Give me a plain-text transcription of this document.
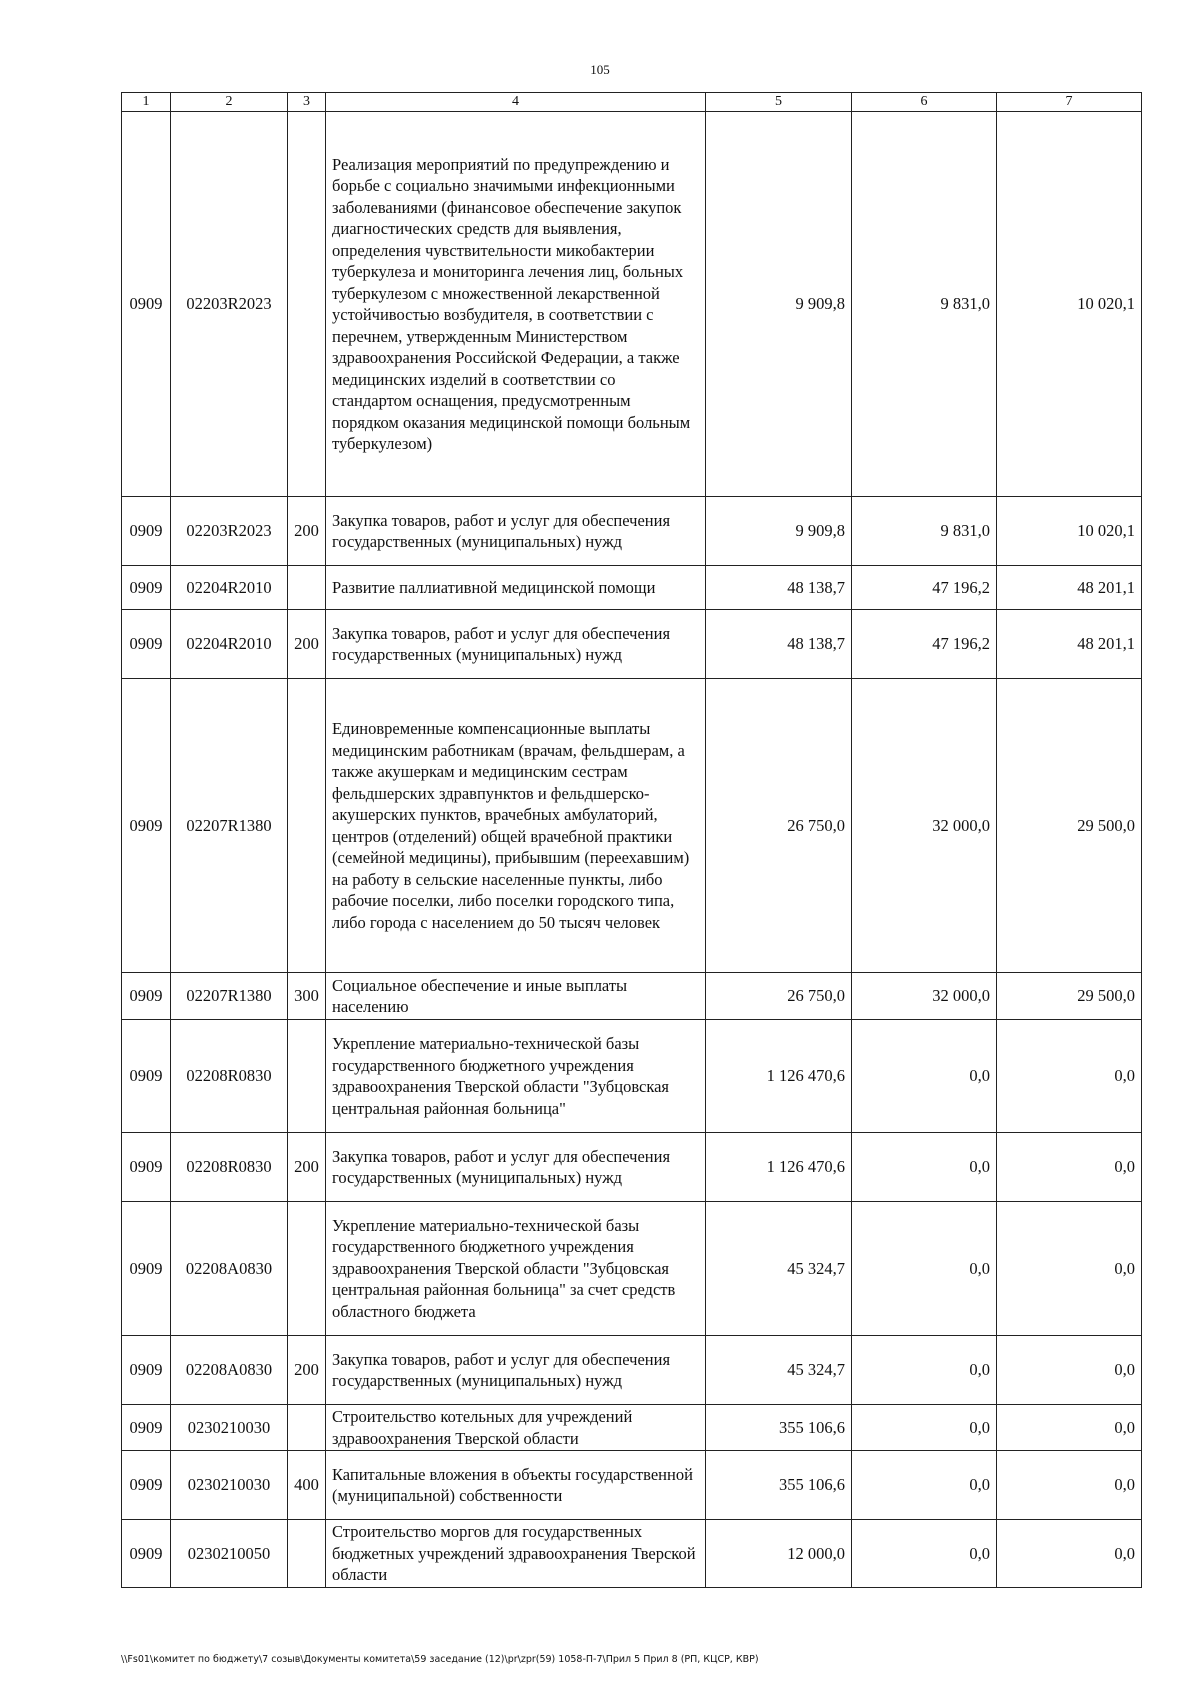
105
1	2	3	4	5	6	7
0909	02203R2023		Реализация мероприятий по предупреждению и борьбе с социально значимыми инфекционными заболеваниями (финансовое обеспечение закупок диагностических средств для выявления, определения чувствительности микобактерии туберкулеза и мониторинга лечения лиц, больных туберкулезом с множественной лекарственной устойчивостью возбудителя, в соответствии с перечнем, утвержденным Министерством здравоохранения Российской Федерации, а также медицинских изделий в соответствии со стандартом оснащения, предусмотренным порядком оказания медицинской помощи больным туберкулезом)	9 909,8	9 831,0	10 020,1
0909	02203R2023	200	Закупка товаров, работ и услуг для обеспечения государственных (муниципальных) нужд	9 909,8	9 831,0	10 020,1
0909	02204R2010		Развитие паллиативной медицинской помощи	48 138,7	47 196,2	48 201,1
0909	02204R2010	200	Закупка товаров, работ и услуг для обеспечения государственных (муниципальных) нужд	48 138,7	47 196,2	48 201,1
0909	02207R1380		Единовременные компенсационные выплаты медицинским работникам (врачам, фельдшерам, а также акушеркам и медицинским сестрам фельдшерских здравпунктов и фельдшерско-акушерских пунктов, врачебных амбулаторий, центров (отделений) общей врачебной практики (семейной медицины), прибывшим (переехавшим) на работу в сельские населенные пункты, либо рабочие поселки, либо поселки городского типа, либо города с населением до 50 тысяч человек	26 750,0	32 000,0	29 500,0
0909	02207R1380	300	Социальное обеспечение и иные выплаты населению	26 750,0	32 000,0	29 500,0
0909	02208R0830		Укрепление материально-технической базы государственного бюджетного учреждения здравоохранения Тверской области "Зубцовская центральная районная больница"	1 126 470,6	0,0	0,0
0909	02208R0830	200	Закупка товаров, работ и услуг для обеспечения государственных (муниципальных) нужд	1 126 470,6	0,0	0,0
0909	02208A0830		Укрепление материально-технической базы государственного бюджетного учреждения здравоохранения Тверской области "Зубцовская центральная районная больница" за счет средств областного бюджета	45 324,7	0,0	0,0
0909	02208A0830	200	Закупка товаров, работ и услуг для обеспечения государственных (муниципальных) нужд	45 324,7	0,0	0,0
0909	0230210030		Строительство котельных для учреждений здравоохранения Тверской области	355 106,6	0,0	0,0
0909	0230210030	400	Капитальные вложения в объекты государственной (муниципальной) собственности	355 106,6	0,0	0,0
0909	0230210050		Строительство моргов для государственных бюджетных учреждений здравоохранения Тверской области	12 000,0	0,0	0,0
\\Fs01\комитет по бюджету\7 созыв\Документы комитета\59 заседание (12)\pr\zpr(59) 1058-П-7\Прил 5 Прил 8 (РП, КЦСР, КВР)
